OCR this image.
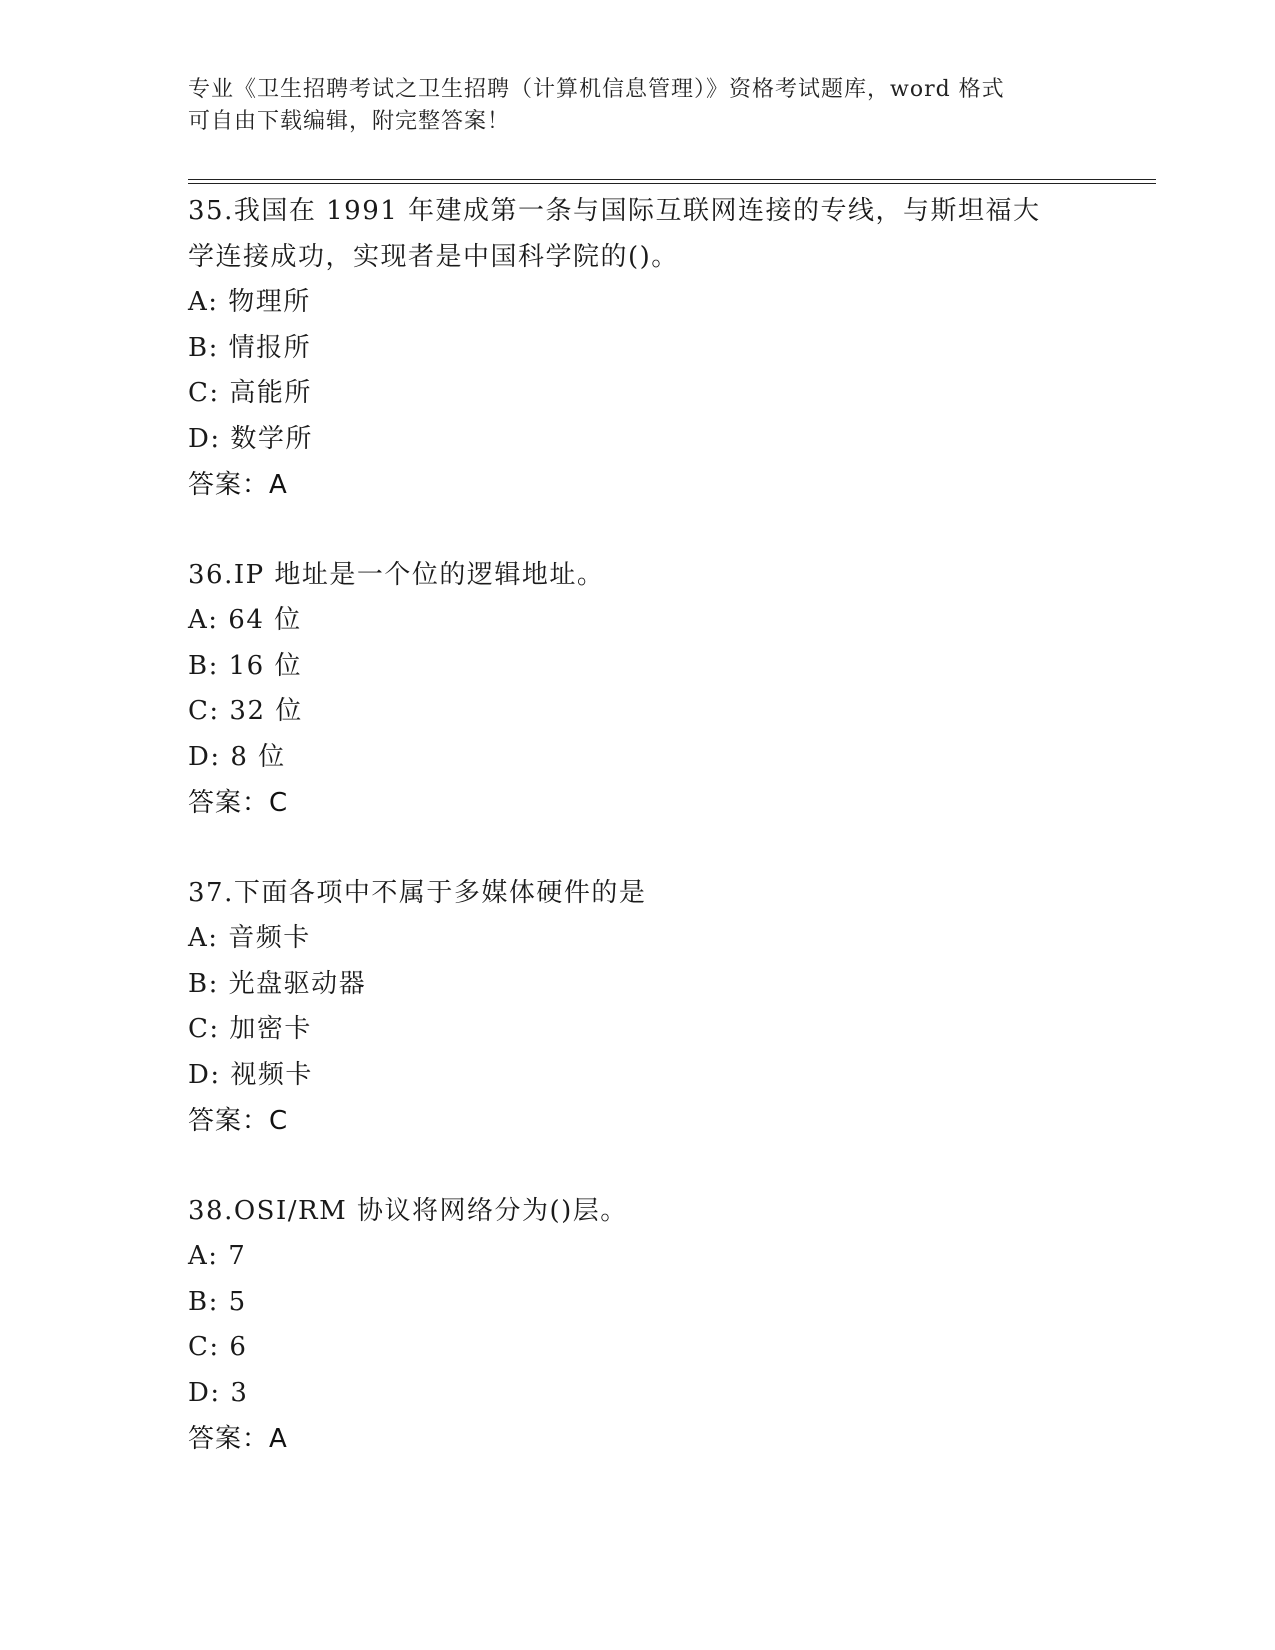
专业《卫生招聘考试之卫生招聘（计算机信息管理）》资格考试题库，word 格式
可自由下载编辑，附完整答案！

35.我国在 1991 年建成第一条与国际互联网连接的专线，与斯坦福大

学连接成功，实现者是中国科学院的()。

A: 物理所

B: 情报所

C: 高能所

D: 数学所

答案：A

36.IP 地址是一个位的逻辑地址。

A: 64 位

B: 16 位

C: 32 位

D: 8 位

答案：C

37.下面各项中不属于多媒体硬件的是

A: 音频卡

B: 光盘驱动器

C: 加密卡

D: 视频卡

答案：C

38.OSI/RM 协议将网络分为()层。

A: 7

B: 5

C: 6

D: 3

答案：A
